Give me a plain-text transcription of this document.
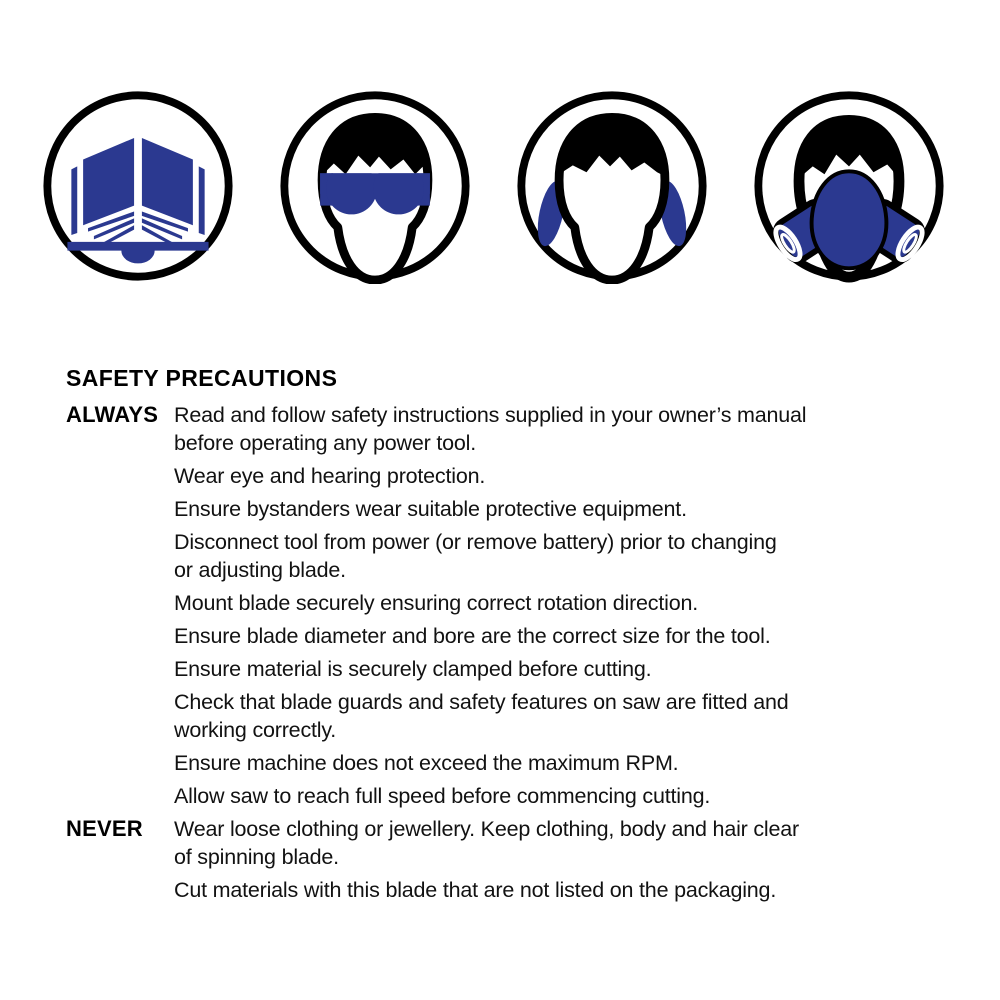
SAFETY PRECAUTIONS
ALWAYS Read and follow safety instructions supplied in your owner’s manual
before operating any power tool.
Wear eye and hearing protection.
Ensure bystanders wear suitable protective equipment.
Disconnect tool from power (or remove battery) prior to changing
or adjusting blade.
Mount blade securely ensuring correct rotation direction.
Ensure blade diameter and bore are the correct size for the tool.
Ensure material is securely clamped before cutting.
Check that blade guards and safety features on saw are fitted and
working correctly.
Ensure machine does not exceed the maximum RPM.
Allow saw to reach full speed before commencing cutting.
NEVER	Wear loose clothing or jewellery. Keep clothing, body and hair clear
of spinning blade.
Cut materials with this blade that are not listed on the packaging.
